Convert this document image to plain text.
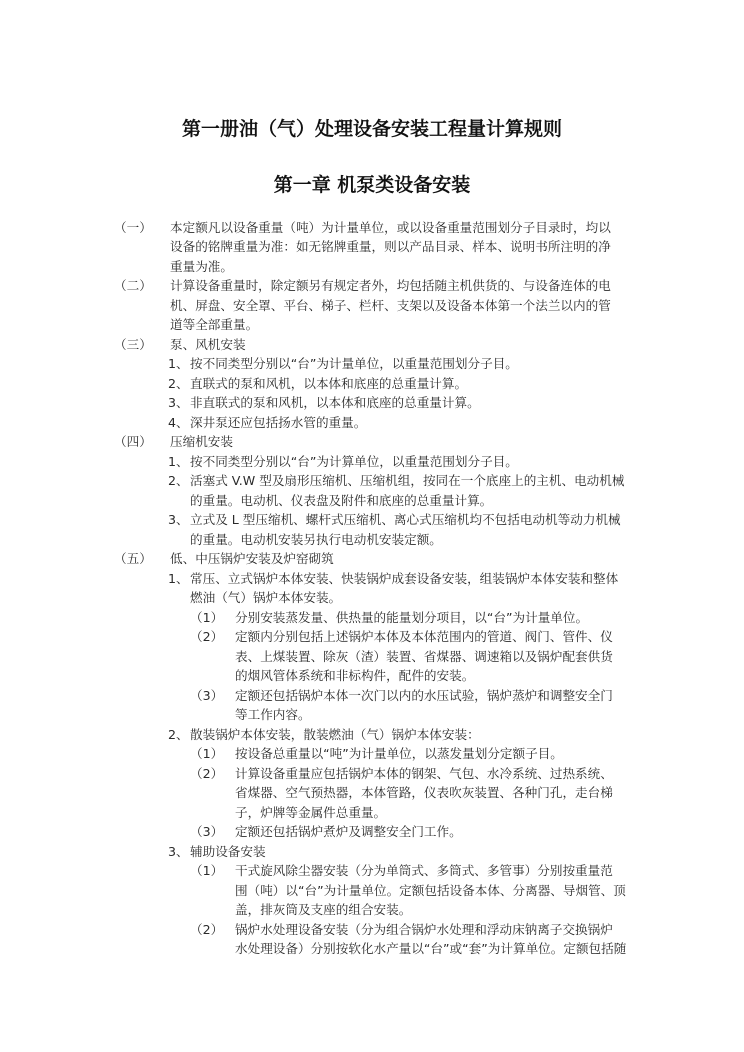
第一册油（气）处理设备安装工程量计算规则
第一章 机泵类设备安装
（一） 本定额凡以设备重量（吨）为计量单位，或以设备重量范围划分子目录时，均以
设备的铭牌重量为准：如无铭牌重量，则以产品目录、样本、说明书所注明的净
重量为准。
（二） 计算设备重量时，除定额另有规定者外，均包括随主机供货的、与设备连体的电
机、屏盘、安全罩、平台、梯子、栏杆、支架以及设备本体第一个法兰以内的管
道等全部重量。
（三） 泵、风机安装
1、 按不同类型分别以“台”为计量单位，以重量范围划分子目。
2、 直联式的泵和风机，以本体和底座的总重量计算。
3、 非直联式的泵和风机，以本体和底座的总重量计算。
4、 深井泵还应包括扬水管的重量。
（四） 压缩机安装
1、 按不同类型分别以“台”为计算单位，以重量范围划分子目。
2、 活塞式 V.W 型及扇形压缩机、压缩机组，按同在一个底座上的主机、电动机械
的重量。电动机、仪表盘及附件和底座的总重量计算。
3、 立式及 L 型压缩机、螺杆式压缩机、离心式压缩机均不包括电动机等动力机械
的重量。电动机安装另执行电动机安装定额。
（五） 低、中压锅炉安装及炉窑砌筑
1、 常压、立式锅炉本体安装、快装锅炉成套设备安装，组装锅炉本体安装和整体
燃油（气）锅炉本体安装。
（1） 分别安装蒸发量、供热量的能量划分项目，以“台”为计量单位。
（2） 定额内分别包括上述锅炉本体及本体范围内的管道、阀门、管件、仪
表、上煤装置、除灰（渣）装置、省煤器、调速箱以及锅炉配套供货
的烟风管体系统和非标构件，配件的安装。
（3） 定额还包括锅炉本体一次门以内的水压试验，锅炉蒸炉和调整安全门
等工作内容。
2、 散装锅炉本体安装，散装燃油（气）锅炉本体安装：
（1） 按设备总重量以“吨”为计量单位，以蒸发量划分定额子目。
（2） 计算设备重量应包括锅炉本体的钢架、气包、水冷系统、过热系统、
省煤器、空气预热器，本体管路，仪表吹灰装置、各种门孔，走台梯
子，炉牌等金属件总重量。
（3） 定额还包括锅炉煮炉及调整安全门工作。
3、 辅助设备安装
（1） 干式旋风除尘器安装（分为单筒式、多筒式、多管事）分别按重量范
围（吨）以“台”为计量单位。定额包括设备本体、分离器、导烟管、顶
盖，排灰筒及支座的组合安装。
（2） 锅炉水处理设备安装（分为组合锅炉水处理和浮动床钠离子交换锅炉
水处理设备）分别按软化水产量以“台”或“套”为计算单位。定额包括随
